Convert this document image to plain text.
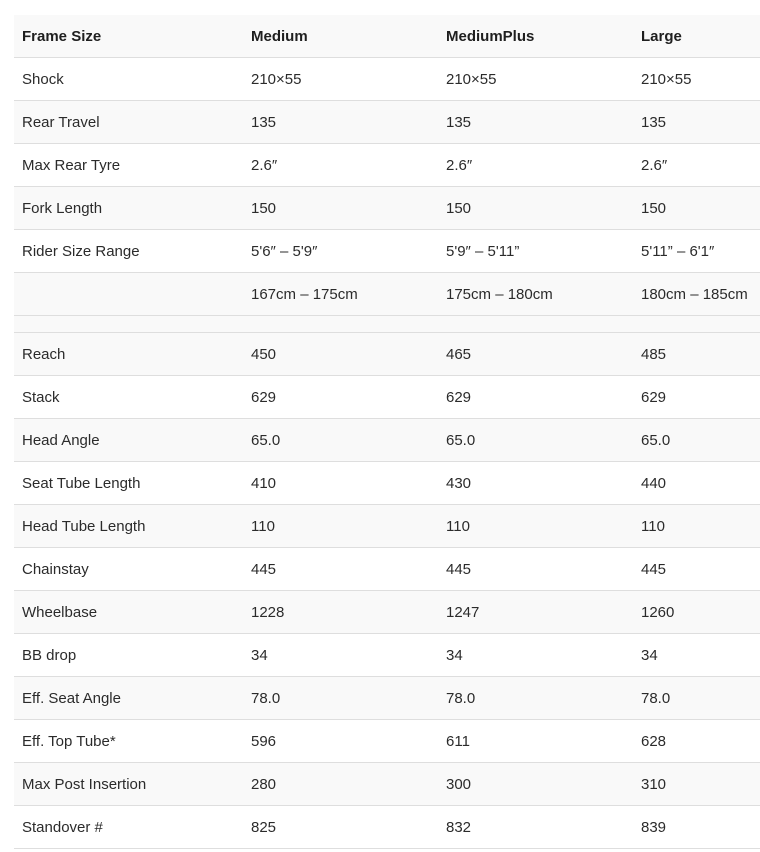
Frame Size	Medium	MediumPlus	Large
Shock	210×55	210×55	210×55
Rear Travel	135	135	135
Max Rear Tyre	2.6″	2.6″	2.6″
Fork Length	150	150	150
Rider Size Range	5'6″ – 5'9″	5'9″ – 5'11”	5'11” – 6'1″
	167cm – 175cm	175cm – 180cm	180cm – 185cm

Reach	450	465	485
Stack	629	629	629
Head Angle	65.0	65.0	65.0
Seat Tube Length	410	430	440
Head Tube Length	110	110	110
Chainstay	445	445	445
Wheelbase	1228	1247	1260
BB drop	34	34	34
Eff. Seat Angle	78.0	78.0	78.0
Eff. Top Tube*	596	611	628
Max Post Insertion	280	300	310
Standover #	825	832	839
